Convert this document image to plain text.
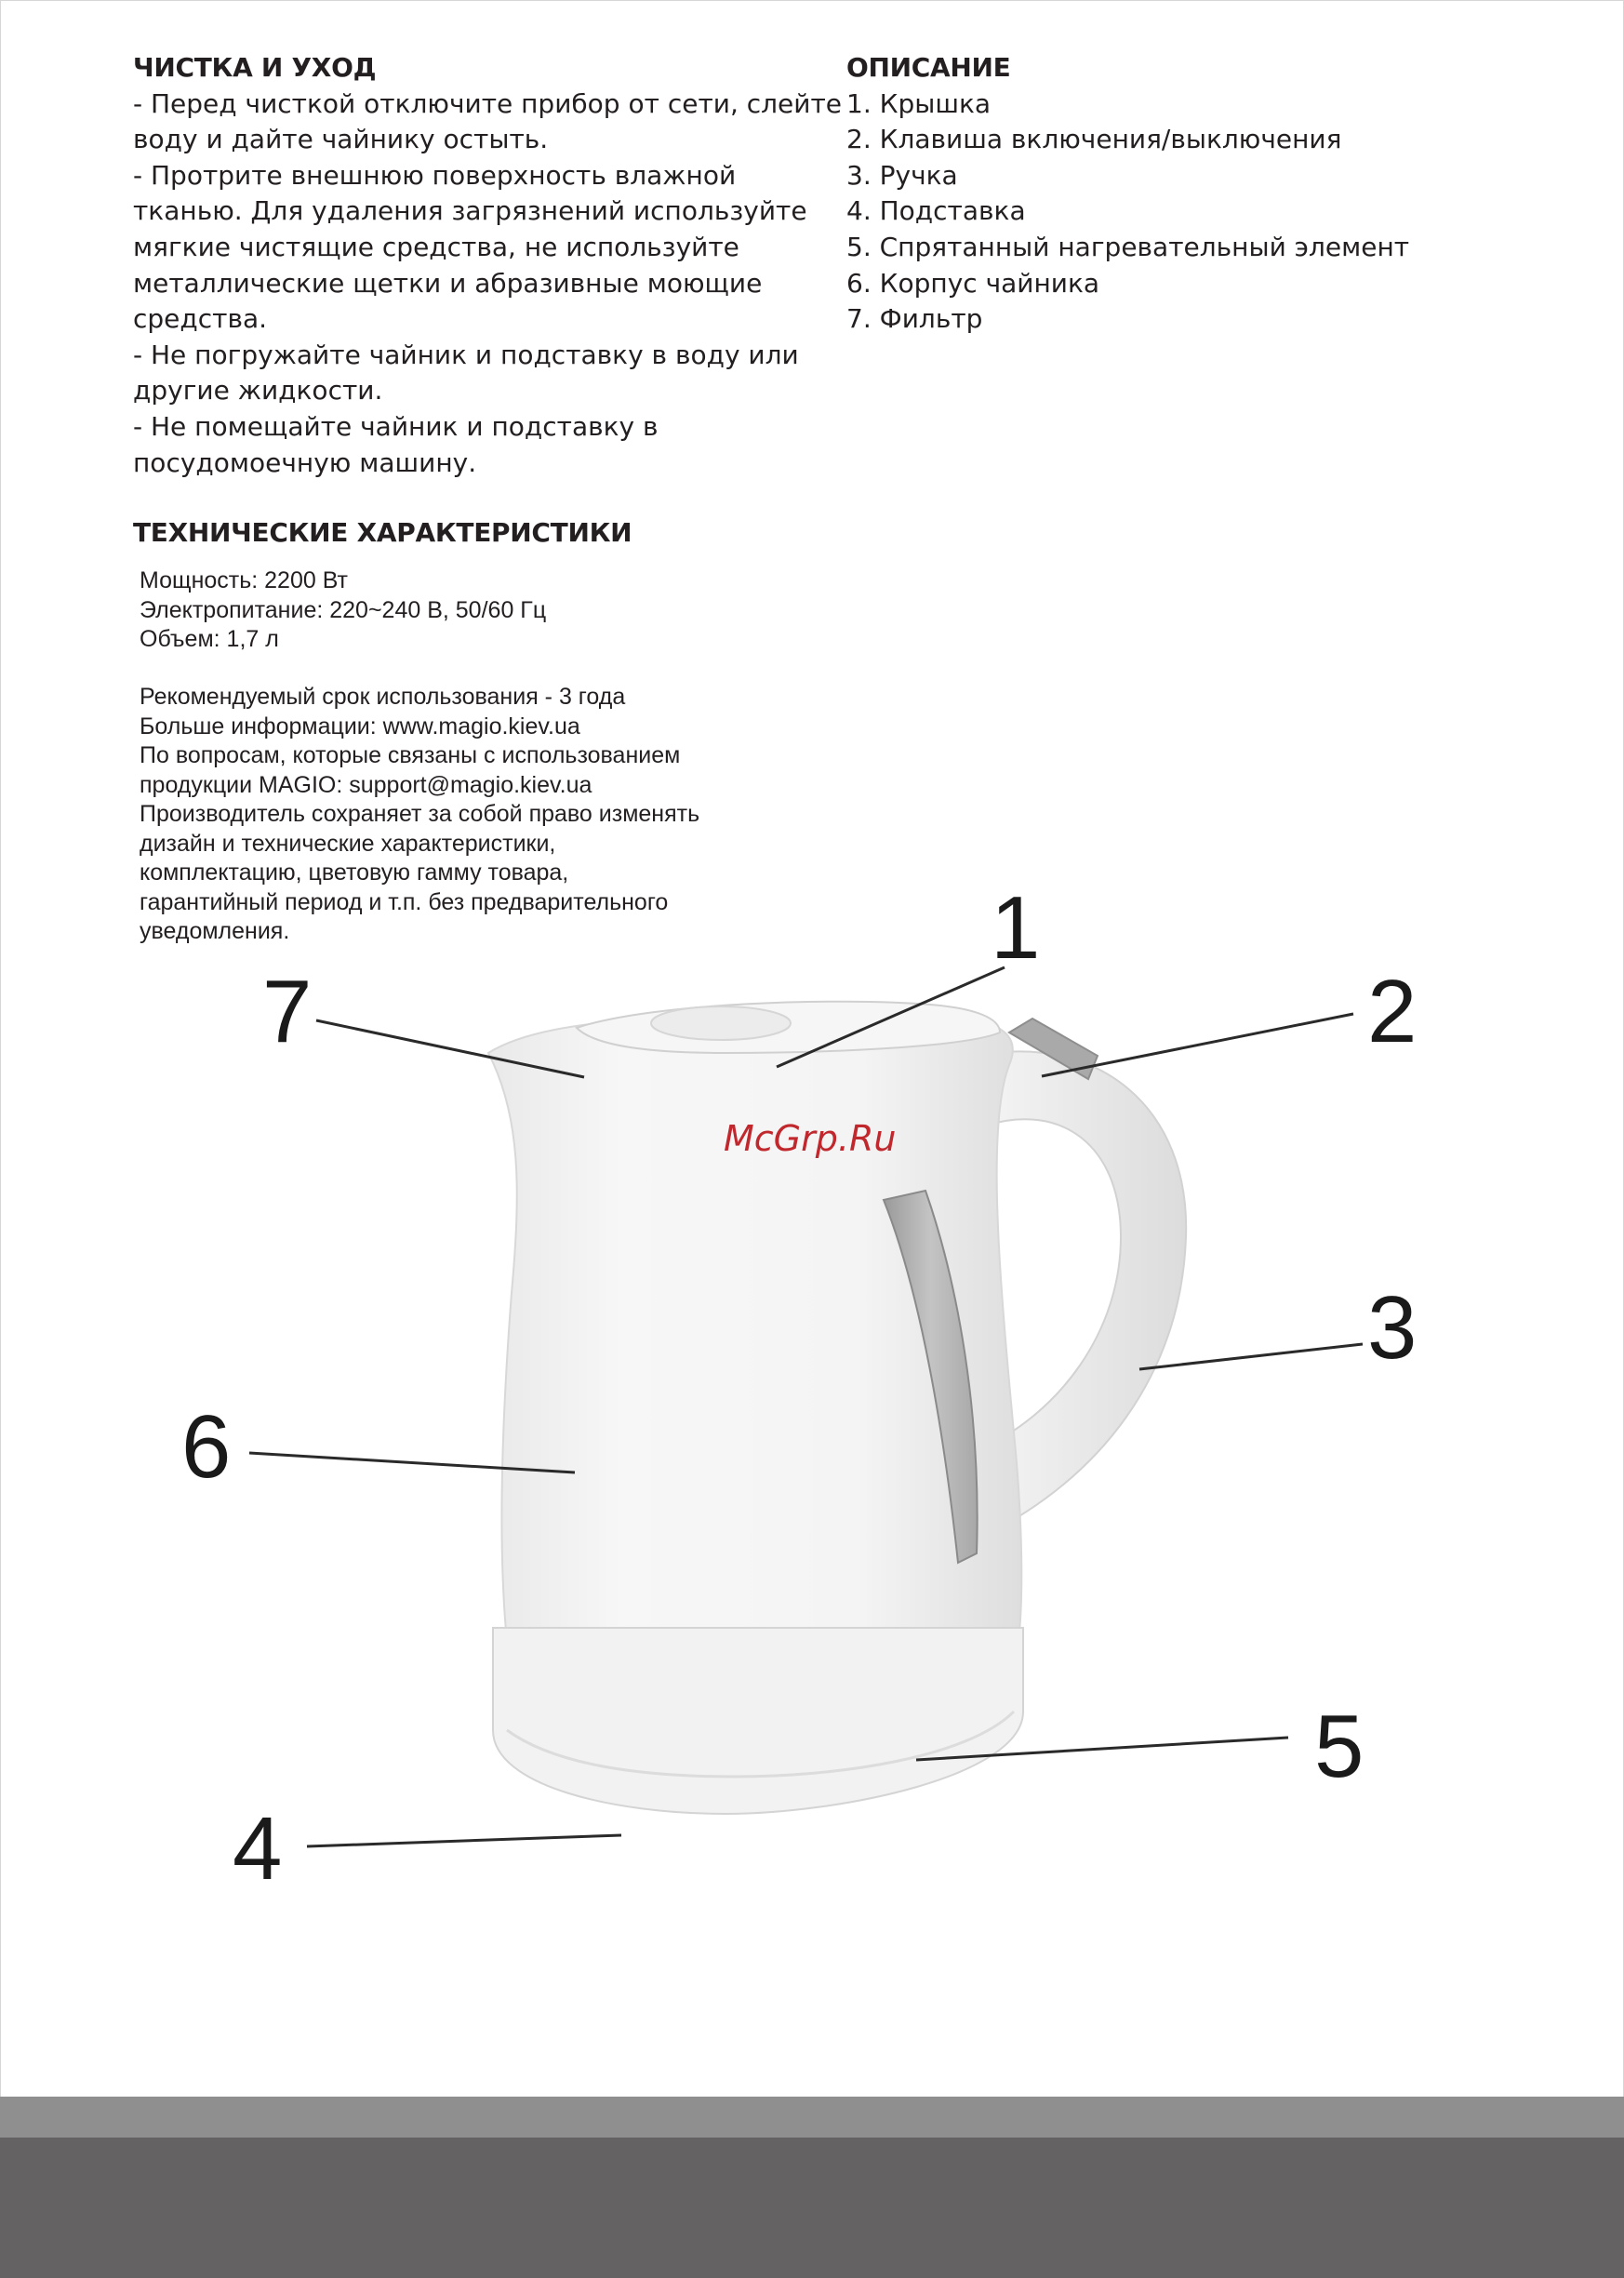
ЧИСТКА И УХОД

- Перед чисткой отключите прибор от сети, слейте

воду и дайте чайнику остыть.

- Протрите внешнюю поверхность влажной

тканью. Для удаления загрязнений используйте

мягкие чистящие средства, не используйте

металлические щетки и абразивные моющие

средства.

- Не погружайте чайник и подставку в воду или

другие жидкости.

- Не помещайте чайник и подставку в

посудомоечную машину.

ОПИСАНИЕ

1. Крышка

2. Клавиша включения/выключения

3. Ручка

4. Подставка

5. Спрятанный нагревательный элемент

6. Корпус чайника

7. Фильтр

ТЕХНИЧЕСКИЕ ХАРАКТЕРИСТИКИ

Мощность: 2200 Вт

Электропитание: 220~240 В, 50/60 Гц

Объем: 1,7 л

Рекомендуемый срок использования - 3 года

Больше информации: www.magio.kiev.ua

По вопросам, которые связаны с использованием

продукции MAGIO: support@magio.kiev.ua

Производитель сохраняет за собой право изменять

дизайн и технические характеристики,

комплектацию, цветовую гамму товара,

гарантийный период и т.п. без предварительного

уведомления.	1
2
3
4
5
6
7
McGrp.Ru
